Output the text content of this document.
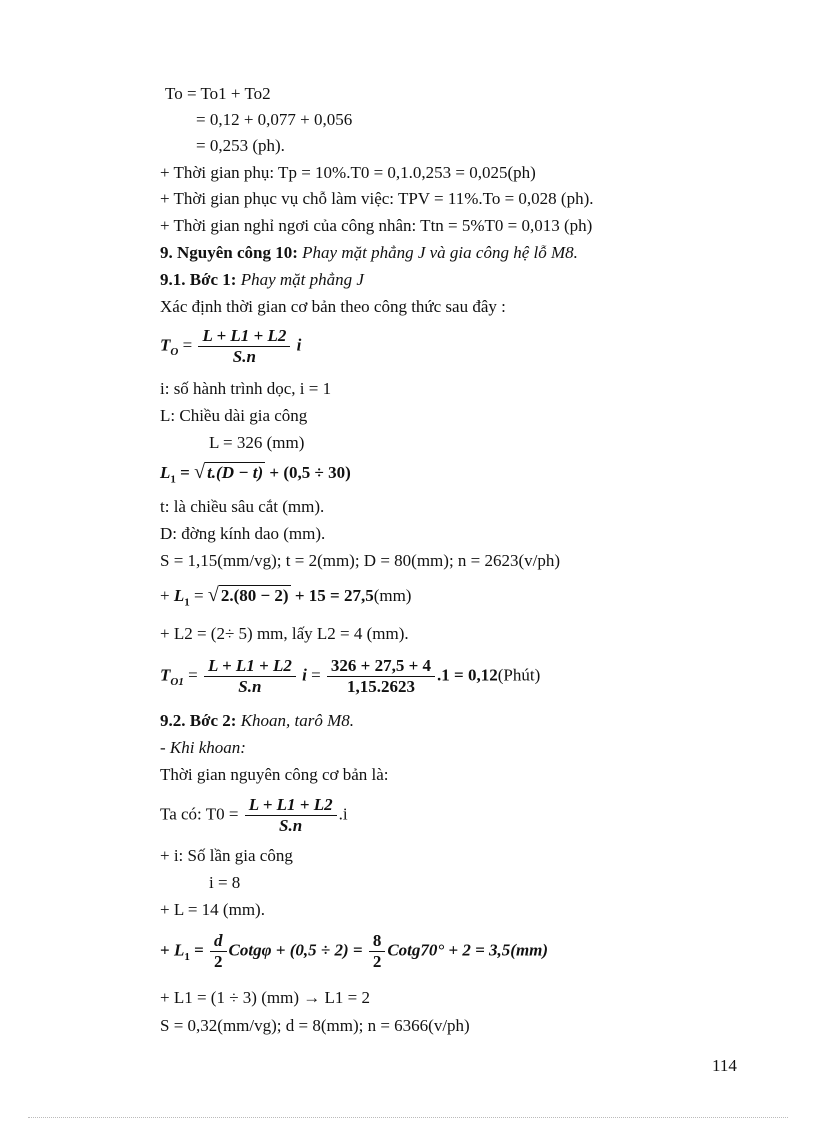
To = To1 + To2
= 0,12 + 0,077 + 0,056
= 0,253 (ph).
+ Thời gian phụ: Tp = 10%.T0 = 0,1.0,253 = 0,025(ph)
+ Thời gian phục vụ chỗ làm việc: TPV = 11%.To = 0,028 (ph).
+ Thời gian nghỉ ngơi của công nhân: Ttn = 5%T0 = 0,013 (ph)
9. Nguyên công 10: Phay mặt phẳng J và gia công hệ lỗ M8.
9.1. Bớc 1: Phay mặt phẳng J
Xác định thời gian cơ bản theo công thức sau đây :
$T_O = \frac{L + L1 + L2}{S.n}$ i
i: số hành trình dọc, i = 1
L: Chiều dài gia công
L = 326 (mm)
$L_1$ = √ t.(D − t) + (0,5 ÷ 30)
t: là chiều sâu cắt (mm).
D: đờng kính dao (mm).
S = 1,15(mm/vg); t = 2(mm); D = 80(mm); n = 2623(v/ph)
+ $L_1$ = √ 2.(80 − 2) + 15 = 27,5(mm)
+ L2 = (2÷ 5) mm, lấy L2 = 4 (mm).
$T_{O1} = \frac{L + L1 + L2}{S.n}$ $i = \frac{326 + 27,5 + 4}{1,15.2623} .1$ = 0,12(Phút)
9.2. Bớc 2: Khoan, tarô M8.
- Khi khoan:
Thời gian nguyên công cơ bản là:
Ta có: $T0 = \frac{L + L1 + L2}{S.n} .i$
+ i: Số lần gia công
i = 8
+ L = 14 (mm).
+ $L_1 = \frac{d}{2}$ Cotgφ + $(0,5 \div 2) = \frac{8}{2}$ Cotg70° + 2 = 3,5(mm)
+ L1 = (1 ÷ 3) (mm) → L1 = 2
S = 0,32(mm/vg); d = 8(mm); n = 6366(v/ph)
114
